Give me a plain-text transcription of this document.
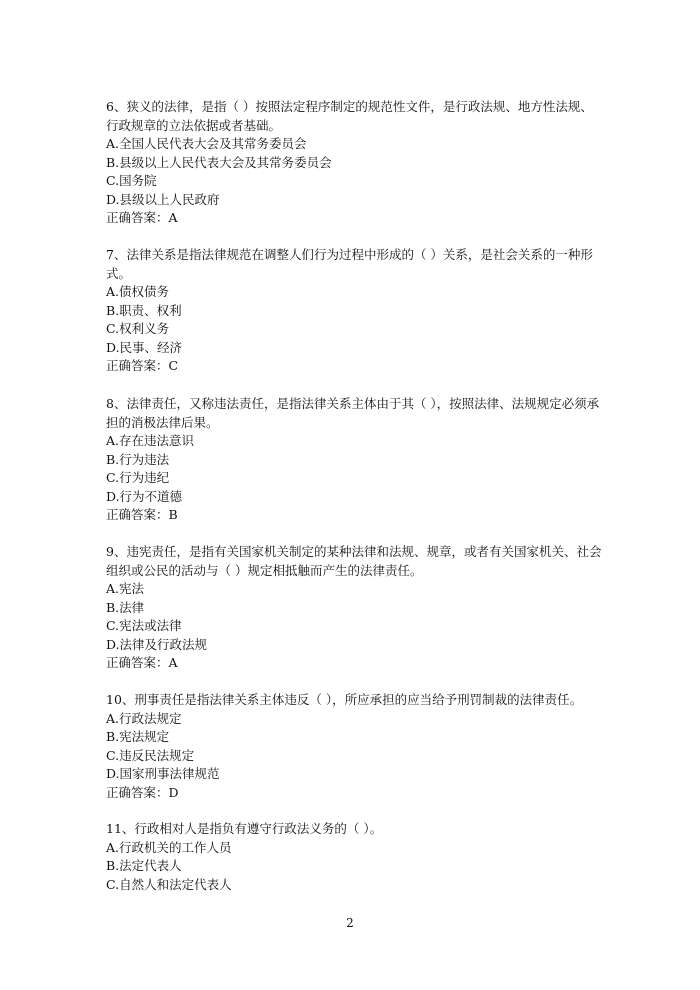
6、狭义的法律，是指（ ）按照法定程序制定的规范性文件，是行政法规、地方性法规、
行政规章的立法依据或者基础。
A.全国人民代表大会及其常务委员会
B.县级以上人民代表大会及其常务委员会
C.国务院
D.县级以上人民政府
正确答案：A
7、法律关系是指法律规范在调整人们行为过程中形成的（ ）关系，是社会关系的一种形
式。
A.债权债务
B.职责、权利
C.权利义务
D.民事、经济
正确答案：C
8、法律责任，又称违法责任，是指法律关系主体由于其（ ），按照法律、法规规定必须承
担的消极法律后果。
A.存在违法意识
B.行为违法
C.行为违纪
D.行为不道德
正确答案：B
9、违宪责任，是指有关国家机关制定的某种法律和法规、规章，或者有关国家机关、社会
组织或公民的活动与（ ）规定相抵触而产生的法律责任。
A.宪法
B.法律
C.宪法或法律
D.法律及行政法规
正确答案：A
10、刑事责任是指法律关系主体违反（ ），所应承担的应当给予刑罚制裁的法律责任。
A.行政法规定
B.宪法规定
C.违反民法规定
D.国家刑事法律规范
正确答案：D
11、行政相对人是指负有遵守行政法义务的（ ）。
A.行政机关的工作人员
B.法定代表人
C.自然人和法定代表人
2
